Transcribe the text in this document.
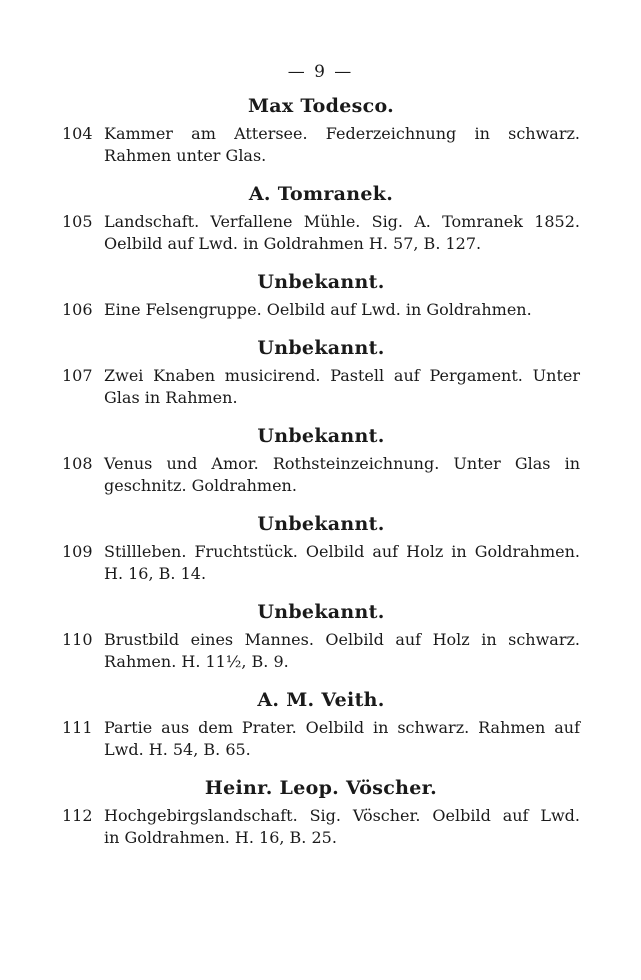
— 9 —
Max Todesco.
104 Kammer am Attersee. Federzeichnung in schwarz.
Rahmen unter Glas.
A. Tomranek.
105 Landschaft. Verfallene Mühle. Sig. A. Tomranek 1852.
Oelbild auf Lwd. in Goldrahmen H. 57, B. 127.
Unbekannt.
106 Eine Felsengruppe. Oelbild auf Lwd. in Goldrahmen.
Unbekannt.
107 Zwei Knaben musicirend. Pastell auf Pergament. Unter
Glas in Rahmen.
Unbekannt.
108 Venus und Amor. Rothsteinzeichnung. Unter Glas in
geschnitz. Goldrahmen.
Unbekannt.
109 Stillleben. Fruchtstück. Oelbild auf Holz in Goldrahmen.
H. 16, B. 14.
Unbekannt.
110 Brustbild eines Mannes. Oelbild auf Holz in schwarz.
Rahmen. H. 11½, B. 9.
A. M. Veith.
111 Partie aus dem Prater. Oelbild in schwarz. Rahmen auf
Lwd. H. 54, B. 65.
Heinr. Leop. Vöscher.
112 Hochgebirgslandschaft. Sig. Vöscher. Oelbild auf Lwd.
in Goldrahmen. H. 16, B. 25.
